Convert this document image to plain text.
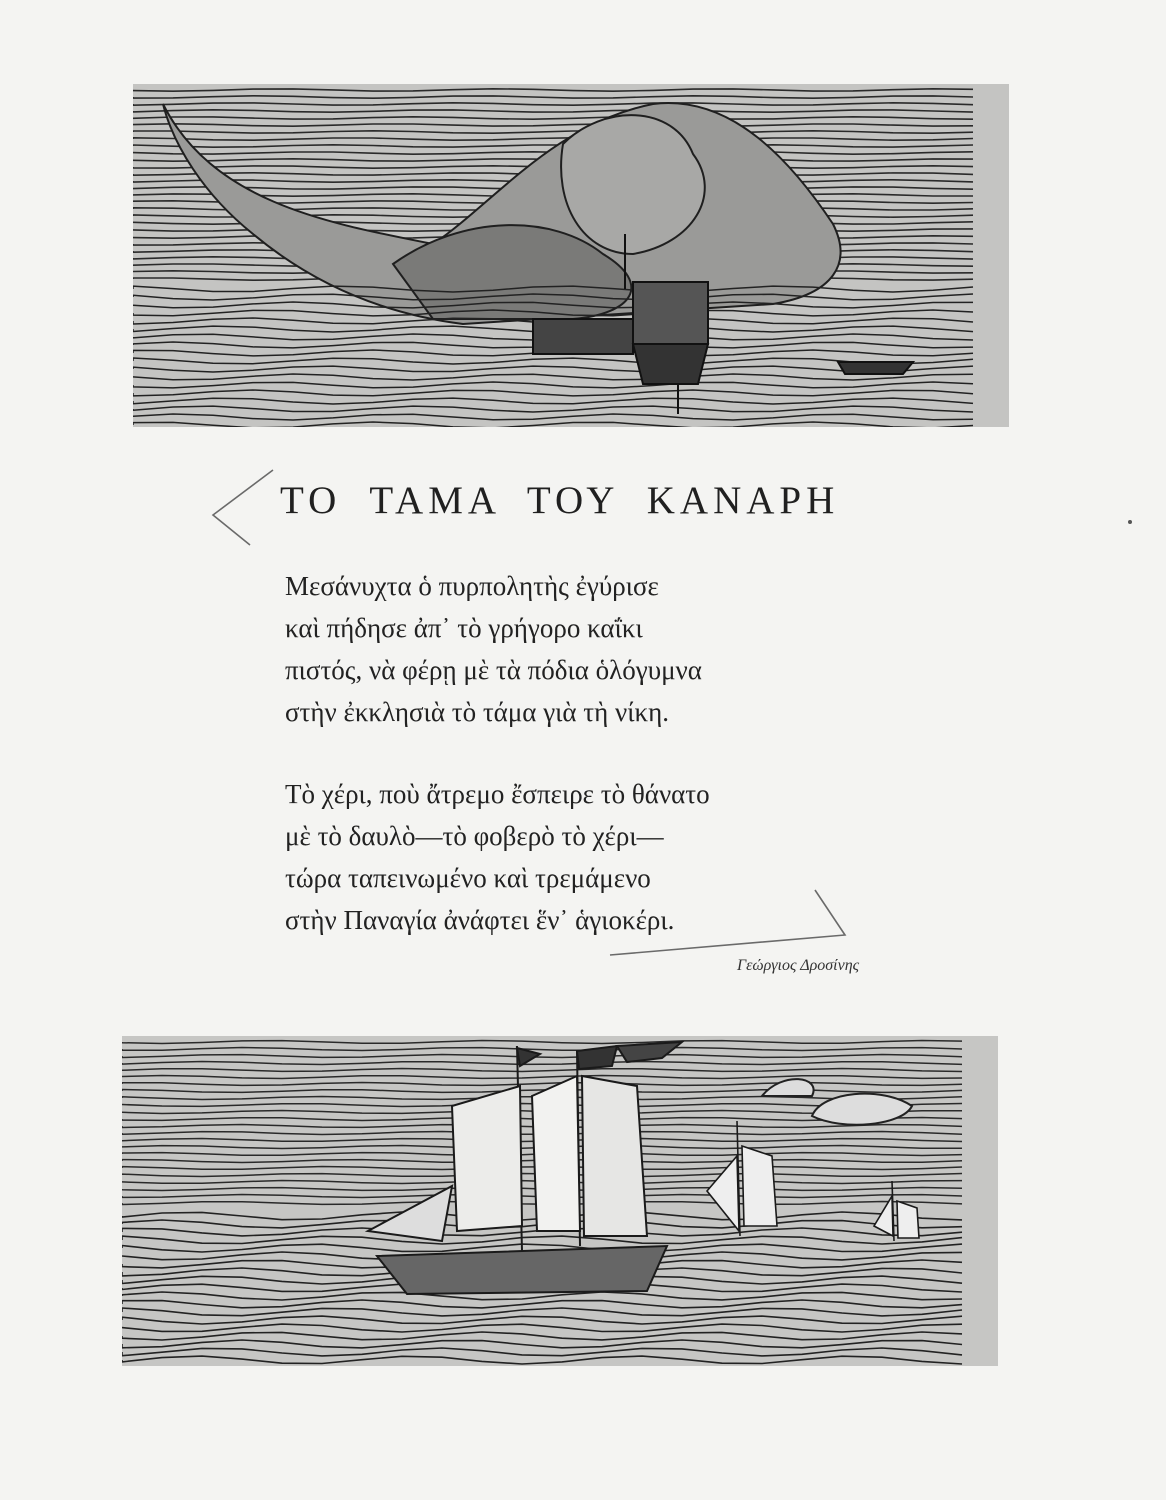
ΤΟ ΤΑΜΑ ΤΟΥ ΚΑΝΑΡΗ
Μεσάνυχτα ὁ πυρπολητὴς ἐγύρισε
καὶ πήδησε ἀπ᾽ τὸ γρήγορο καΐκι
πιστός, νὰ φέρῃ μὲ τὰ πόδια ὁλόγυμνα
στὴν ἐκκλησιὰ τὸ τάμα γιὰ τὴ νίκη.
Τὸ χέρι, ποὺ ἄτρεμο ἔσπειρε τὸ θάνατο
μὲ τὸ δαυλὸ—τὸ φοβερὸ τὸ χέρι—
τώρα ταπεινωμένο καὶ τρεμάμενο
στὴν Παναγία ἀνάφτει ἕν᾽ ἁγιοκέρι.
Γεώργιος Δροσίνης
